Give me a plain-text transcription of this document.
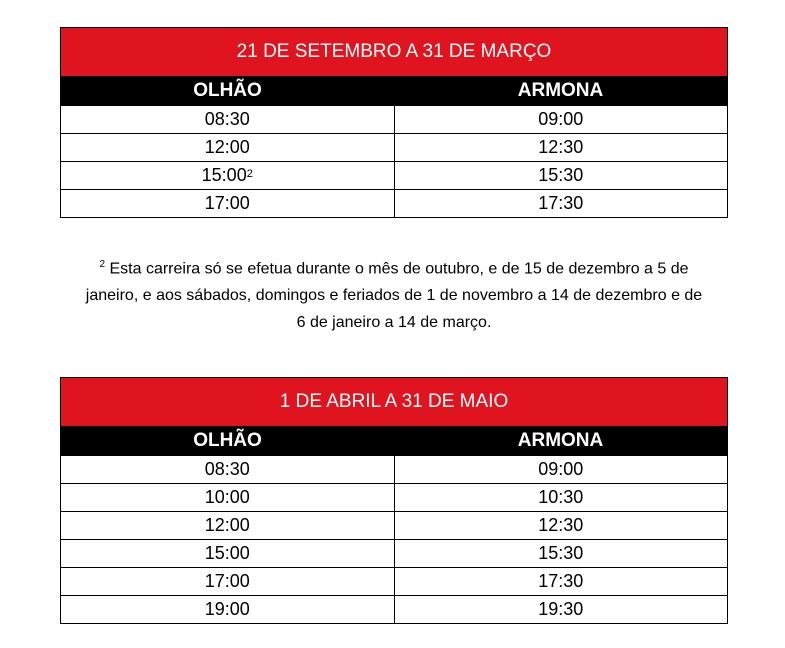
21 DE SETEMBRO A 31 DE MARÇO
OLHÃO	ARMONA
08:30	09:00
12:00	12:30
$15:00^2$	15:30
17:00	17:30
$^2$ Esta carreira só se efetua durante o mês de outubro, e de 15 de dezembro a 5 de
janeiro, e aos sábados, domingos e feriados de 1 de novembro a 14 de dezembro e de
6 de janeiro a 14 de março.
1 DE ABRIL A 31 DE MAIO
OLHÃO	ARMONA
08:30	09:00
10:00	10:30
12:00	12:30
15:00	15:30
17:00	17:30
19:00	19:30
